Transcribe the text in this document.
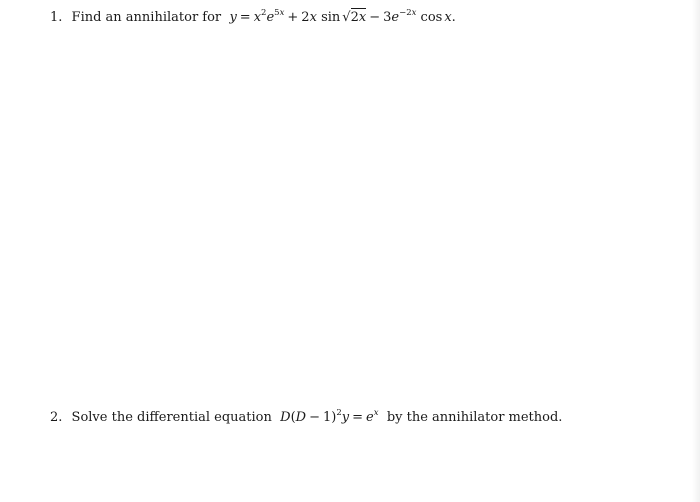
1. Find an annihilator for $y = x^2e^{5x} + 2x$ $\sin √2x - 3e^{-2x}$ cos x.
2. Solve the differential equation $D(D - 1)^2y = e^x$ by the annihilator method.
